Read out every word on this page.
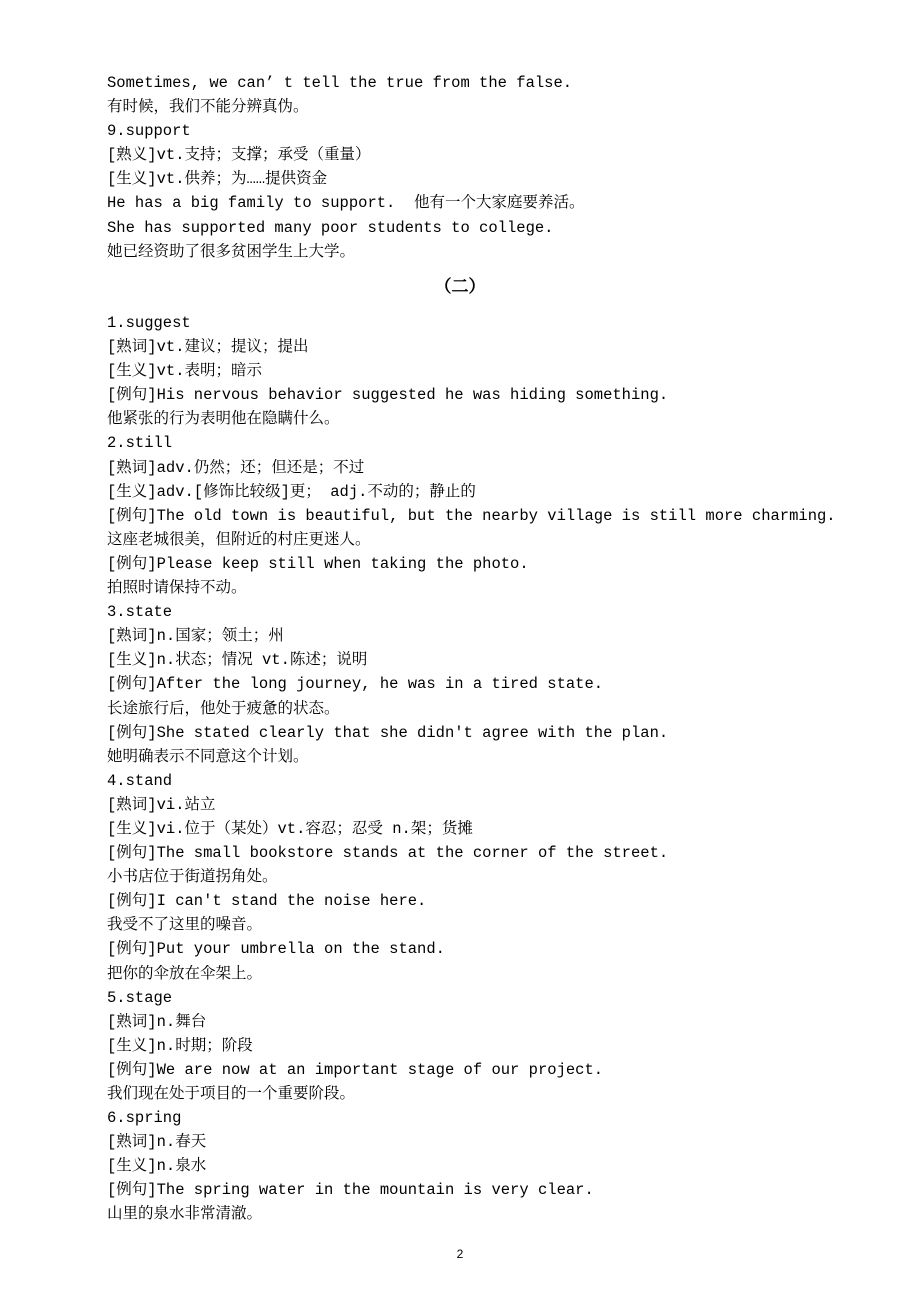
Sometimes, we can’ t tell the true from the false.
有时候，我们不能分辨真伪。
9.support
[熟义]vt.支持；支撑；承受（重量）
[生义]vt.供养；为……提供资金
He has a big family to support.  他有一个大家庭要养活。
She has supported many poor students to college.
她已经资助了很多贫困学生上大学。
（二）
1.suggest
[熟词]vt.建议；提议；提出
[生义]vt.表明；暗示
[例句]His nervous behavior suggested he was hiding something.
他紧张的行为表明他在隐瞒什么。
2.still
[熟词]adv.仍然；还；但还是；不过
[生义]adv.[修饰比较级]更； adj.不动的；静止的
[例句]The old town is beautiful, but the nearby village is still more charming.
这座老城很美，但附近的村庄更迷人。
[例句]Please keep still when taking the photo.
拍照时请保持不动。
3.state
[熟词]n.国家；领土；州
[生义]n.状态；情况 vt.陈述；说明
[例句]After the long journey, he was in a tired state.
长途旅行后，他处于疲惫的状态。
[例句]She stated clearly that she didn't agree with the plan.
她明确表示不同意这个计划。
4.stand
[熟词]vi.站立
[生义]vi.位于（某处）vt.容忍；忍受 n.架；货摊
[例句]The small bookstore stands at the corner of the street.
小书店位于街道拐角处。
[例句]I can't stand the noise here.
我受不了这里的噪音。
[例句]Put your umbrella on the stand.
把你的伞放在伞架上。
5.stage
[熟词]n.舞台
[生义]n.时期；阶段
[例句]We are now at an important stage of our project.
我们现在处于项目的一个重要阶段。
6.spring
[熟词]n.春天
[生义]n.泉水
[例句]The spring water in the mountain is very clear.
山里的泉水非常清澈。
2
